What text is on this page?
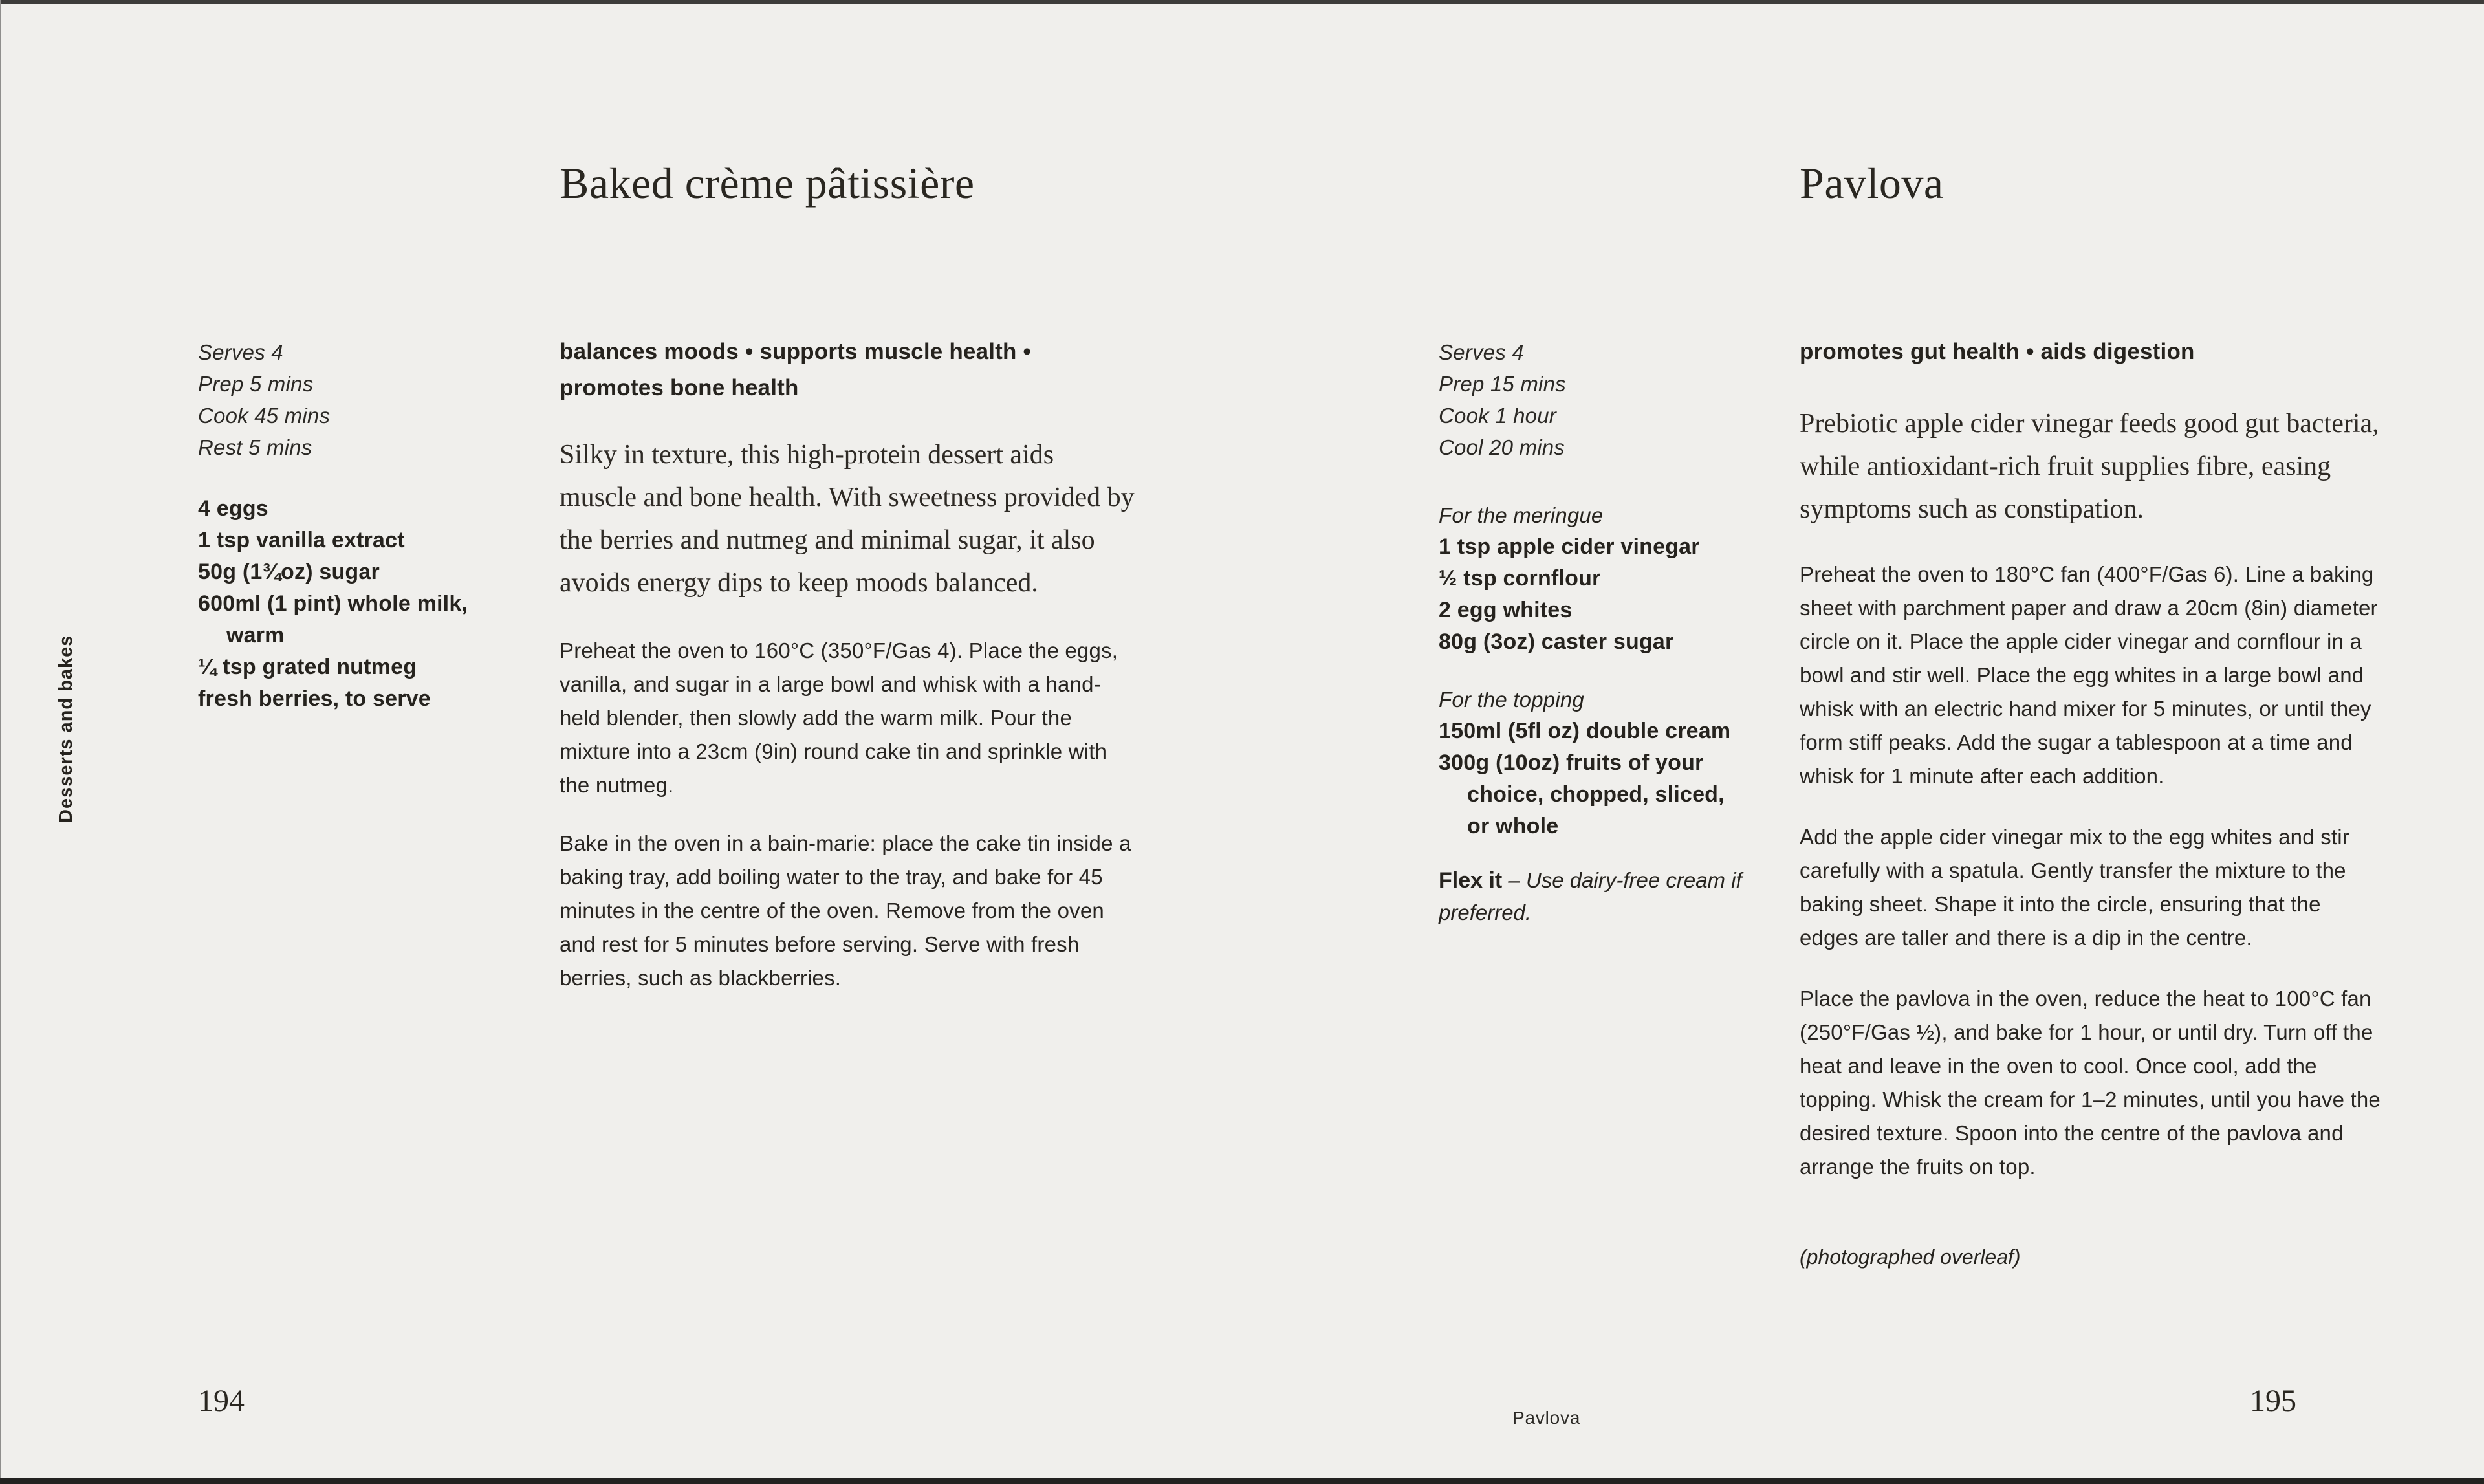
Desserts and bakes
Baked crème pâtissière
Serves 4
Prep 5 mins
Cook 45 mins
Rest 5 mins
4 eggs
1 tsp vanilla extract
50g (1¾oz) sugar
600ml (1 pint) whole milk,
warm
¼ tsp grated nutmeg
fresh berries, to serve
balances moods • supports muscle health • promotes bone health

Silky in texture, this high-protein dessert aids muscle and bone health. With sweetness provided by the berries and nutmeg and minimal sugar, it also avoids energy dips to keep moods balanced.

Preheat the oven to 160°C (350°F/Gas 4). Place the eggs, vanilla, and sugar in a large bowl and whisk with a hand-held blender, then slowly add the warm milk. Pour the mixture into a 23cm (9in) round cake tin and sprinkle with the nutmeg.

Bake in the oven in a bain-marie: place the cake tin inside a baking tray, add boiling water to the tray, and bake for 45 minutes in the centre of the oven. Remove from the oven and rest for 5 minutes before serving. Serve with fresh berries, such as blackberries.

Pavlova
Serves 4
Prep 15 mins
Cook 1 hour
Cool 20 mins
For the meringue
1 tsp apple cider vinegar
½ tsp cornflour
2 egg whites
80g (3oz) caster sugar
For the topping
150ml (5fl oz) double cream
300g (10oz) fruits of your
choice, chopped, sliced,
or whole
Flex it – Use dairy-free cream if preferred.
promotes gut health • aids digestion

Prebiotic apple cider vinegar feeds good gut bacteria, while antioxidant-rich fruit supplies fibre, easing symptoms such as constipation.

Preheat the oven to 180°C fan (400°F/Gas 6). Line a baking sheet with parchment paper and draw a 20cm (8in) diameter circle on it. Place the apple cider vinegar and cornflour in a bowl and stir well. Place the egg whites in a large bowl and whisk with an electric hand mixer for 5 minutes, or until they form stiff peaks. Add the sugar a tablespoon at a time and whisk for 1 minute after each addition.

Add the apple cider vinegar mix to the egg whites and stir carefully with a spatula. Gently transfer the mixture to the baking sheet. Shape it into the circle, ensuring that the edges are taller and there is a dip in the centre.

Place the pavlova in the oven, reduce the heat to 100°C fan (250°F/Gas ½), and bake for 1 hour, or until dry. Turn off the heat and leave in the oven to cool. Once cool, add the topping. Whisk the cream for 1–2 minutes, until you have the desired texture. Spoon into the centre of the pavlova and arrange the fruits on top.

(photographed overleaf)

194	Pavlova	195
